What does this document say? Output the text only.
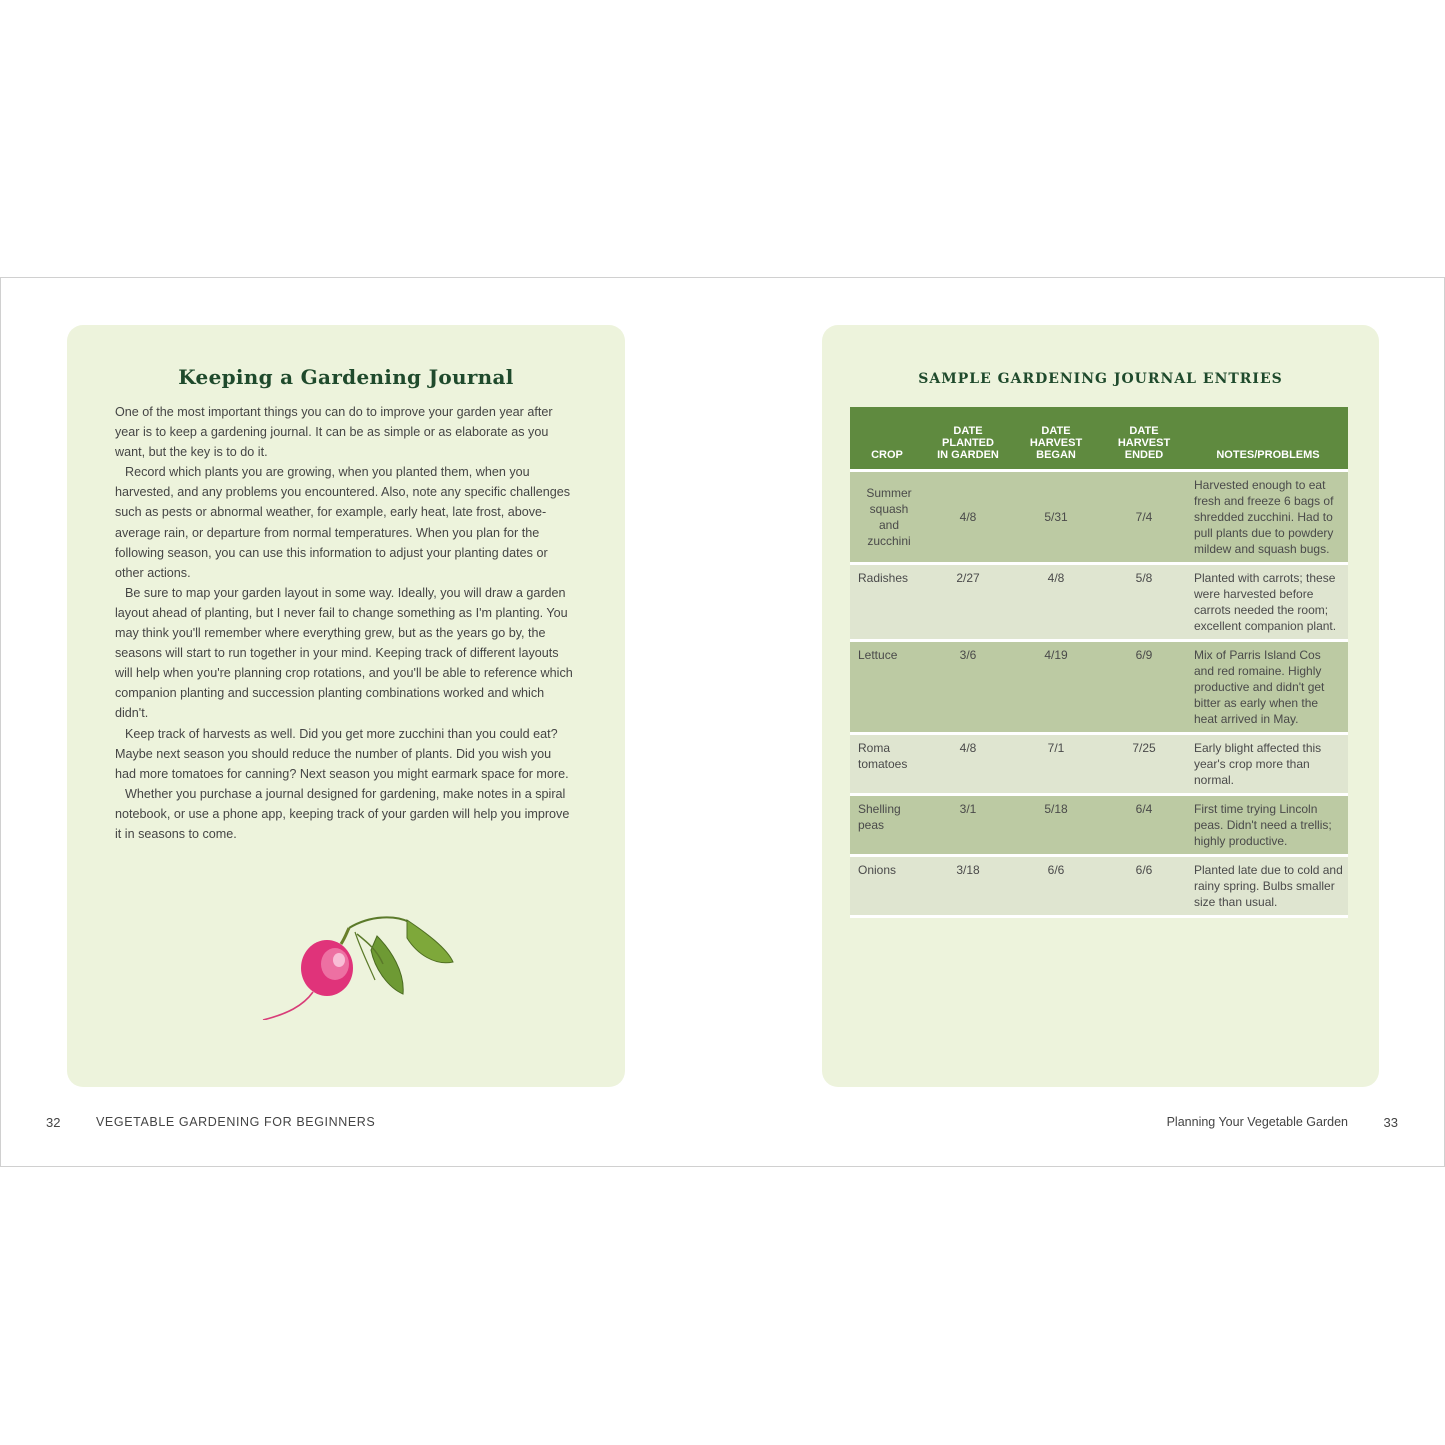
Keeping a Gardening Journal

One of the most important things you can do to improve your garden year after year is to keep a gardening journal. It can be as simple or as elaborate as you want, but the key is to do it.

Record which plants you are growing, when you planted them, when you harvested, and any problems you encountered. Also, note any specific challenges such as pests or abnormal weather, for example, early heat, late frost, above-average rain, or departure from normal temperatures. When you plan for the following season, you can use this information to adjust your planting dates or other actions.

Be sure to map your garden layout in some way. Ideally, you will draw a garden layout ahead of planting, but I never fail to change something as I'm planting. You may think you'll remember where everything grew, but as the years go by, the seasons will start to run together in your mind. Keeping track of different layouts will help when you're planning crop rotations, and you'll be able to reference which companion planting and succession planting combinations worked and which didn't.

Keep track of harvests as well. Did you get more zucchini than you could eat? Maybe next season you should reduce the number of plants. Did you wish you had more tomatoes for canning? Next season you might earmark space for more.

Whether you purchase a journal designed for gardening, make notes in a spiral notebook, or use a phone app, keeping track of your garden will help you improve it in seasons to come.

SAMPLE GARDENING JOURNAL ENTRIES
CROP	DATE
PLANTED
IN GARDEN	DATE
HARVEST
BEGAN	DATE
HARVEST
ENDED	NOTES/PROBLEMS

Summer squash and zucchini	4/8	5/31	7/4	Harvested enough to eat fresh and freeze 6 bags of shredded zucchini. Had to pull plants due to powdery mildew and squash bugs.
Radishes	2/27	4/8	5/8	Planted with carrots; these were harvested before carrots needed the room; excellent companion plant.
Lettuce	3/6	4/19	6/9	Mix of Parris Island Cos and red romaine. Highly productive and didn't get bitter as early when the heat arrived in May.
Roma tomatoes	4/8	7/1	7/25	Early blight affected this year's crop more than normal.
Shelling peas	3/1	5/18	6/4	First time trying Lincoln peas. Didn't need a trellis; highly productive.
Onions	3/18	6/6	6/6	Planted late due to cold and rainy spring. Bulbs smaller size than usual.
32	VEGETABLE GARDENING FOR BEGINNERS	Planning Your Vegetable Garden	33
